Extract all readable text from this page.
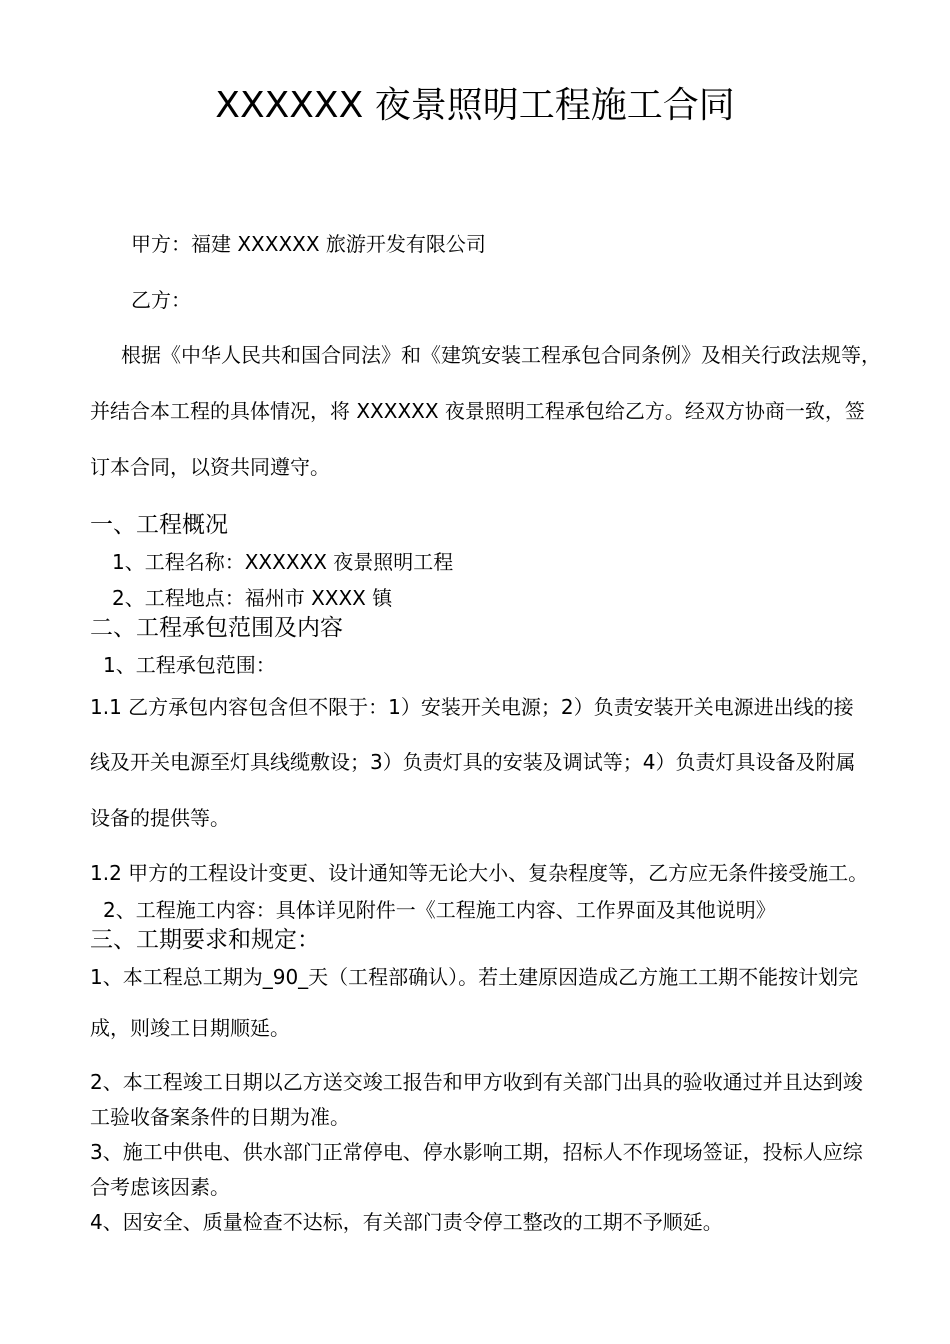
XXXXXX 夜景照明工程施工合同
甲方：福建 XXXXXX 旅游开发有限公司
乙方：
根据《中华人民共和国合同法》和《建筑安装工程承包合同条例》及相关行政法规等，
并结合本工程的具体情况，将 XXXXXX 夜景照明工程承包给乙方。经双方协商一致，签
订本合同，以资共同遵守。
一、工程概况
1、工程名称：XXXXXX 夜景照明工程
2、工程地点：福州市 XXXX 镇
二、工程承包范围及内容
1、工程承包范围：
1.1 乙方承包内容包含但不限于：1）安装开关电源；2）负责安装开关电源进出线的接
线及开关电源至灯具线缆敷设；3）负责灯具的安装及调试等；4）负责灯具设备及附属
设备的提供等。
1.2 甲方的工程设计变更、设计通知等无论大小、复杂程度等，乙方应无条件接受施工。
2、工程施工内容：具体详见附件一《工程施工内容、工作界面及其他说明》
三、工期要求和规定：
1、本工程总工期为_90_天（工程部确认）。若土建原因造成乙方施工工期不能按计划完
成，则竣工日期顺延。
2、本工程竣工日期以乙方送交竣工报告和甲方收到有关部门出具的验收通过并且达到竣
工验收备案条件的日期为准。
3、施工中供电、供水部门正常停电、停水影响工期，招标人不作现场签证，投标人应综
合考虑该因素。
4、因安全、质量检查不达标，有关部门责令停工整改的工期不予顺延。
